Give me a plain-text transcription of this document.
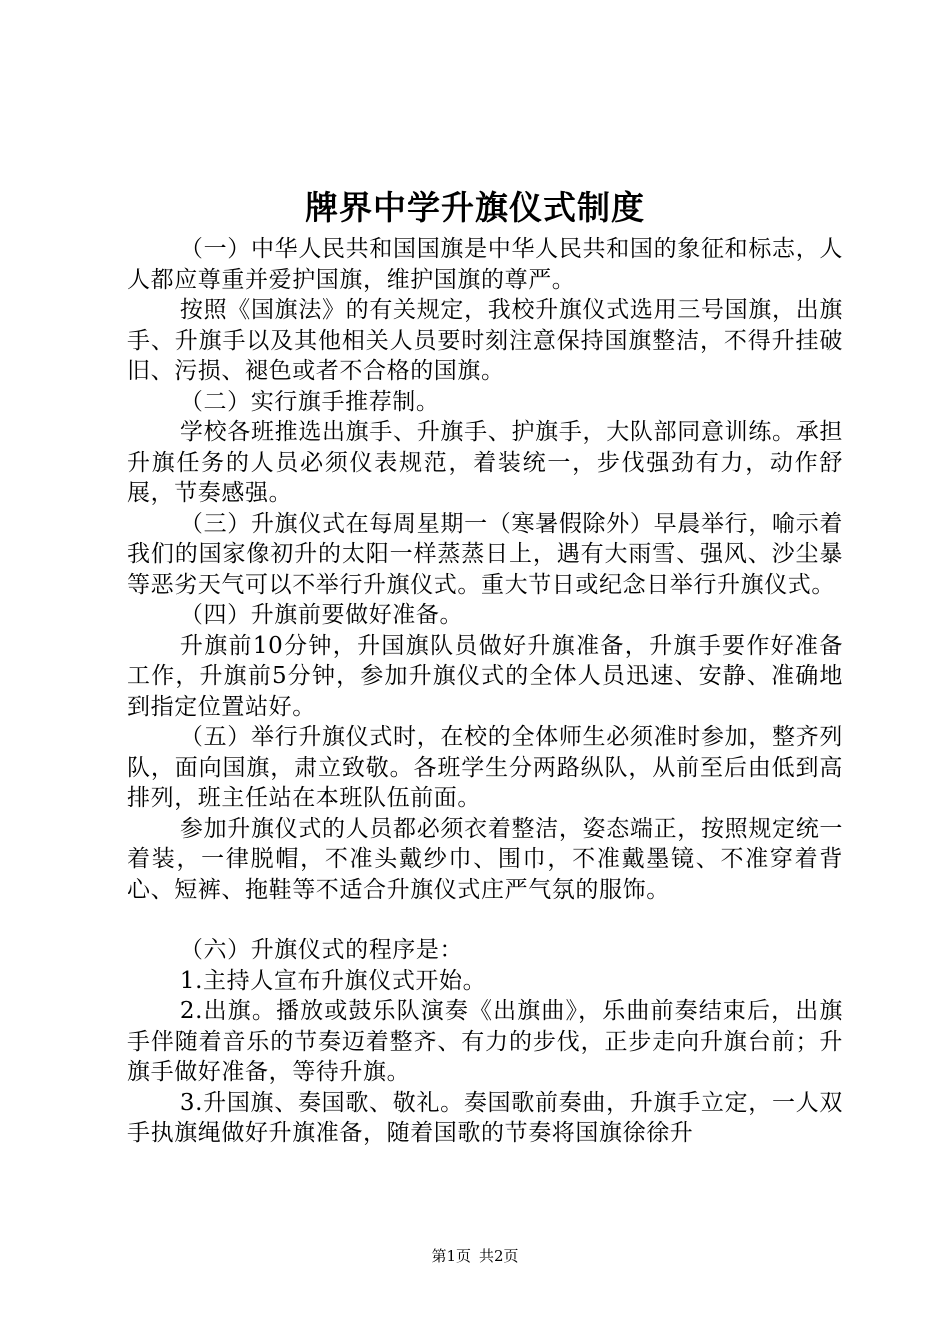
牌界中学升旗仪式制度

（一）中华人民共和国国旗是中华人民共和国的象征和标志，人人都应尊重并爱护国旗，维护国旗的尊严。

按照《国旗法》的有关规定，我校升旗仪式选用三号国旗，出旗手、升旗手以及其他相关人员要时刻注意保持国旗整洁，不得升挂破旧、污损、褪色或者不合格的国旗。

（二）实行旗手推荐制。

学校各班推选出旗手、升旗手、护旗手，大队部同意训练。承担升旗任务的人员必须仪表规范，着装统一，步伐强劲有力，动作舒展，节奏感强。

（三）升旗仪式在每周星期一（寒暑假除外）早晨举行，喻示着我们的国家像初升的太阳一样蒸蒸日上，遇有大雨雪、强风、沙尘暴等恶劣天气可以不举行升旗仪式。重大节日或纪念日举行升旗仪式。

（四）升旗前要做好准备。

升旗前10分钟，升国旗队员做好升旗准备，升旗手要作好准备工作，升旗前5分钟，参加升旗仪式的全体人员迅速、安静、准确地到指定位置站好。

（五）举行升旗仪式时，在校的全体师生必须准时参加，整齐列队，面向国旗，肃立致敬。各班学生分两路纵队，从前至后由低到高排列，班主任站在本班队伍前面。

参加升旗仪式的人员都必须衣着整洁，姿态端正，按照规定统一着装，一律脱帽，不准头戴纱巾、围巾，不准戴墨镜、不准穿着背心、短裤、拖鞋等不适合升旗仪式庄严气氛的服饰。

（六）升旗仪式的程序是：

1.主持人宣布升旗仪式开始。

2.出旗。播放或鼓乐队演奏《出旗曲》，乐曲前奏结束后，出旗手伴随着音乐的节奏迈着整齐、有力的步伐，正步走向升旗台前；升旗手做好准备，等待升旗。

3.升国旗、奏国歌、敬礼。奏国歌前奏曲，升旗手立定，一人双手执旗绳做好升旗准备，随着国歌的节奏将国旗徐徐升

第1页 共2页
